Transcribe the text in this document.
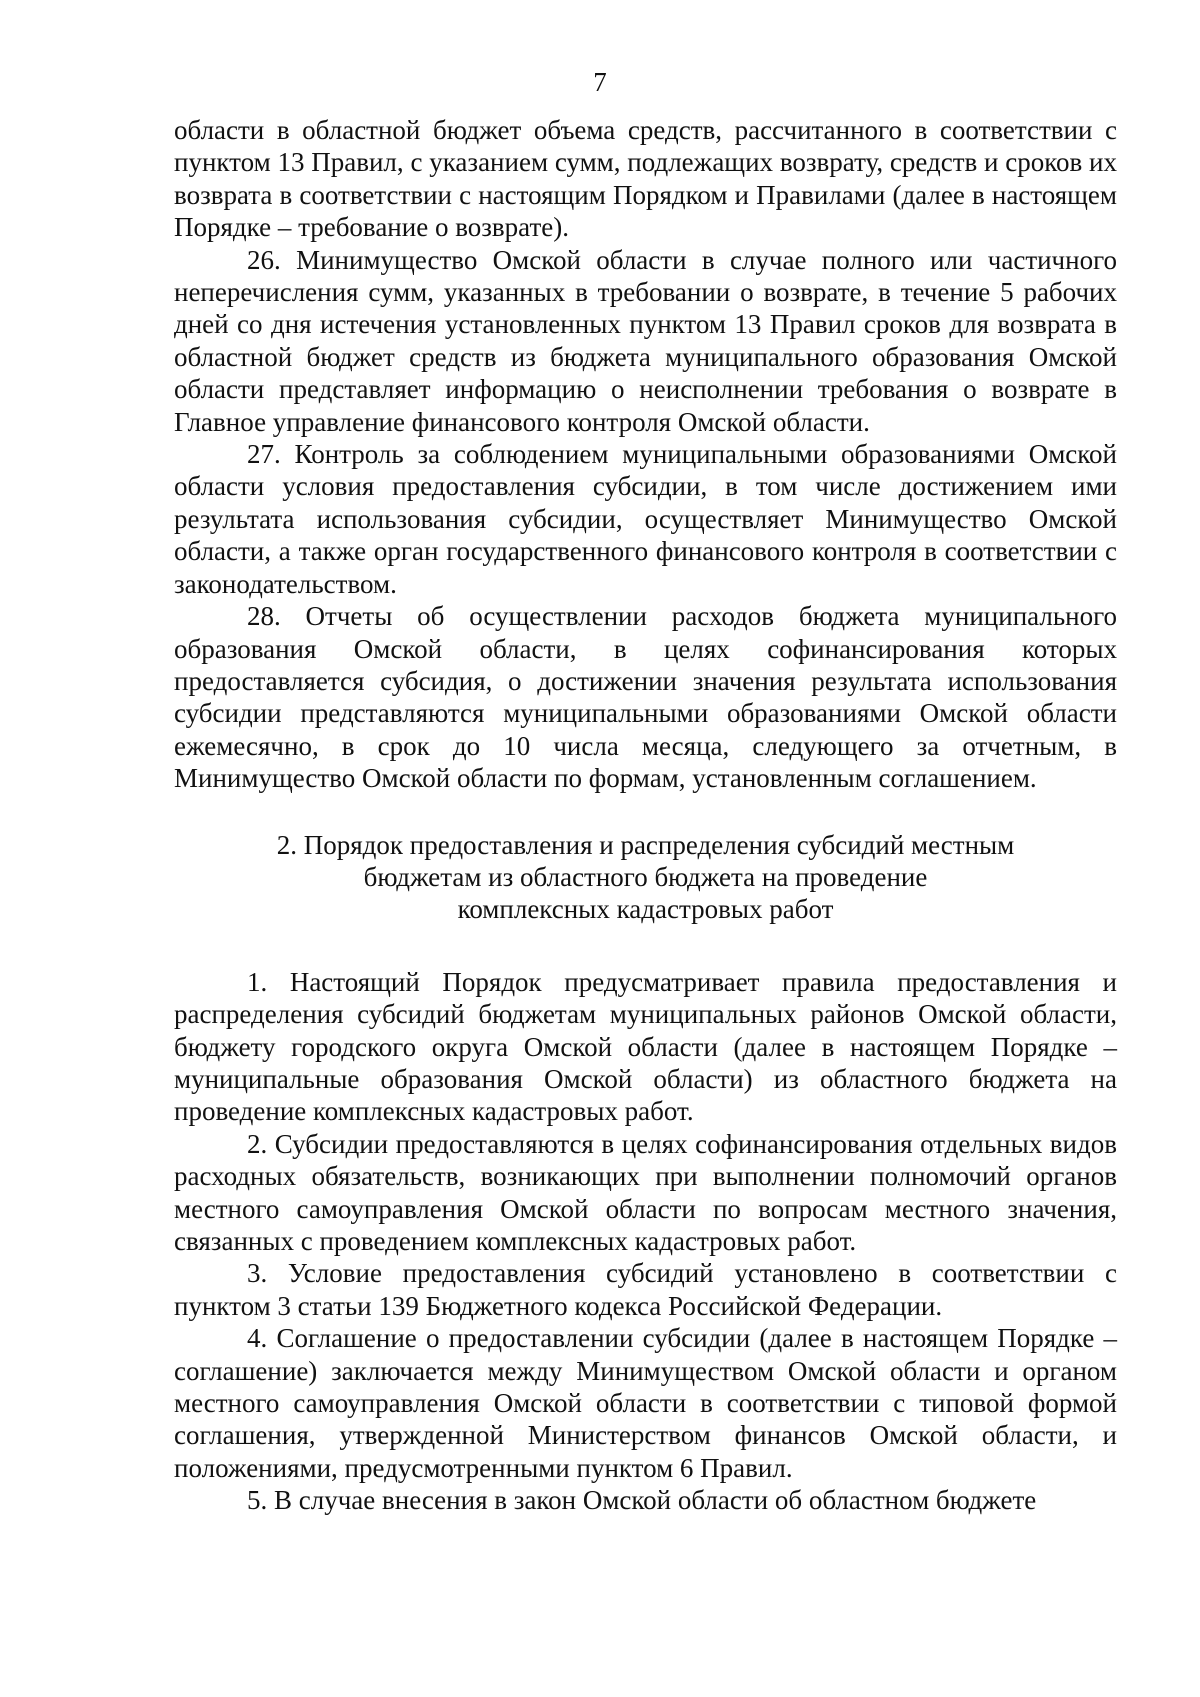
7

области в областной бюджет объема средств, рассчитанного в соответствии с пунктом 13 Правил, с указанием сумм, подлежащих возврату, средств и сроков их возврата в соответствии с настоящим Порядком и Правилами (далее в настоящем Порядке – требование о возврате).

26. Минимущество Омской области в случае полного или частичного неперечисления сумм, указанных в требовании о возврате, в течение 5 рабочих дней со дня истечения установленных пунктом 13 Правил сроков для возврата в областной бюджет средств из бюджета муниципального образования Омской области представляет информацию о неисполнении требования о возврате в Главное управление финансового контроля Омской области.

27. Контроль за соблюдением муниципальными образованиями Омской области условия предоставления субсидии, в том числе достижением ими результата использования субсидии, осуществляет Минимущество Омской области, а также орган государственного финансового контроля в соответствии с законодательством.

28. Отчеты об осуществлении расходов бюджета муниципального образования Омской области, в целях софинансирования которых предоставляется субсидия, о достижении значения результата использования субсидии представляются муниципальными образованиями Омской области ежемесячно, в срок до 10 числа месяца, следующего за отчетным, в Минимущество Омской области по формам, установленным соглашением.

2. Порядок предоставления и распределения субсидий местным
бюджетам из областного бюджета на проведение
комплексных кадастровых работ

1. Настоящий Порядок предусматривает правила предоставления и распределения субсидий бюджетам муниципальных районов Омской области, бюджету городского округа Омской области (далее в настоящем Порядке – муниципальные образования Омской области) из областного бюджета на проведение комплексных кадастровых работ.

2. Субсидии предоставляются в целях софинансирования отдельных видов расходных обязательств, возникающих при выполнении полномочий органов местного самоуправления Омской области по вопросам местного значения, связанных с проведением комплексных кадастровых работ.

3. Условие предоставления субсидий установлено в соответствии с пунктом 3 статьи 139 Бюджетного кодекса Российской Федерации.

4. Соглашение о предоставлении субсидии (далее в настоящем Порядке – соглашение) заключается между Минимуществом Омской области и органом местного самоуправления Омской области в соответствии с типовой формой соглашения, утвержденной Министерством финансов Омской области, и положениями, предусмотренными пунктом 6 Правил.

5. В случае внесения в закон Омской области об областном бюджете
